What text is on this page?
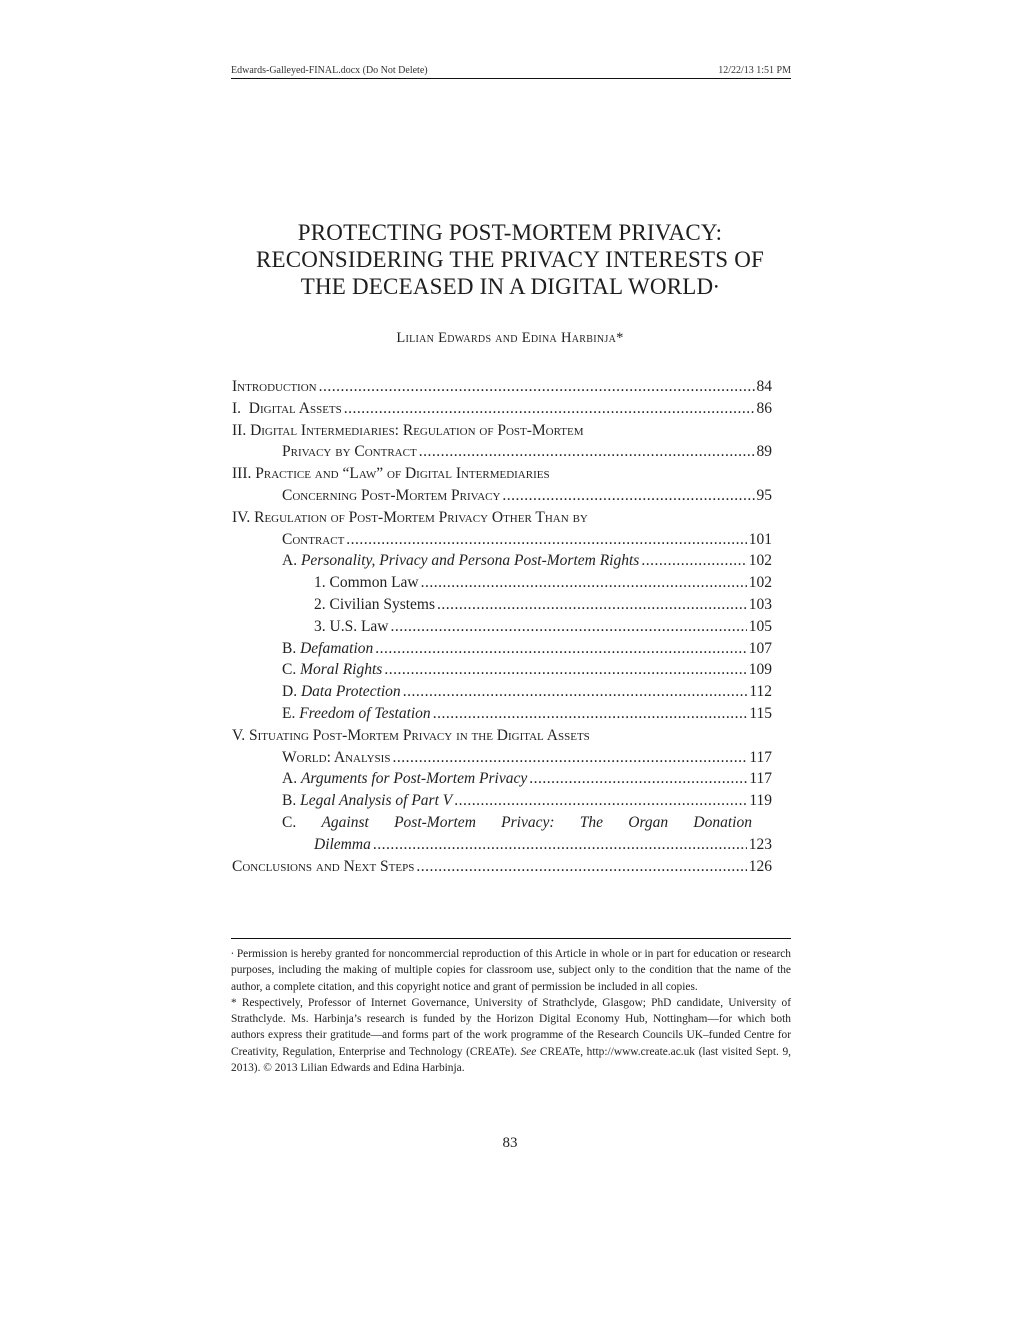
Edwards-Galleyed-FINAL.docx (Do Not Delete)	12/22/13 1:51 PM
PROTECTING POST-MORTEM PRIVACY:
RECONSIDERING THE PRIVACY INTERESTS OF
THE DECEASED IN A DIGITAL WORLD∙
Lilian Edwards and Edina Harbinja*
Introduction .....	84
I. Digital Assets .....	86
II. Digital Intermediaries: Regulation of Post-Mortem
Privacy by Contract .....	89
III. Practice and “Law” of Digital Intermediaries
Concerning Post-Mortem Privacy .....	95
IV. Regulation of Post-Mortem Privacy Other Than by
Contract .....	101
A. Personality, Privacy and Persona Post-Mortem Rights .....	102
1. Common Law .....	102
2. Civilian Systems .....	103
3. U.S. Law .....	105
B. Defamation .....	107
C. Moral Rights .....	109
D. Data Protection .....	112
E. Freedom of Testation .....	115
V. Situating Post-Mortem Privacy in the Digital Assets
World: Analysis .....	117
A. Arguments for Post-Mortem Privacy .....	117
B. Legal Analysis of Part V .....	119
C. Against Post-Mortem Privacy: The Organ Donation
Dilemma .....	123
Conclusions and Next Steps .....	126

∙ Permission is hereby granted for noncommercial reproduction of this Article in whole or in part for education or research purposes, including the making of multiple copies for classroom use, subject only to the condition that the name of the author, a complete citation, and this copyright notice and grant of permission be included in all copies.

* Respectively, Professor of Internet Governance, University of Strathclyde, Glasgow; PhD candidate, University of Strathclyde. Ms. Harbinja’s research is funded by the Horizon Digital Economy Hub, Nottingham—for which both authors express their gratitude—and forms part of the work programme of the Research Councils UK–funded Centre for Creativity, Regulation, Enterprise and Technology (CREATe). See CREATe, http://www.create.ac.uk (last visited Sept. 9, 2013). © 2013 Lilian Edwards and Edina Harbinja.

83
